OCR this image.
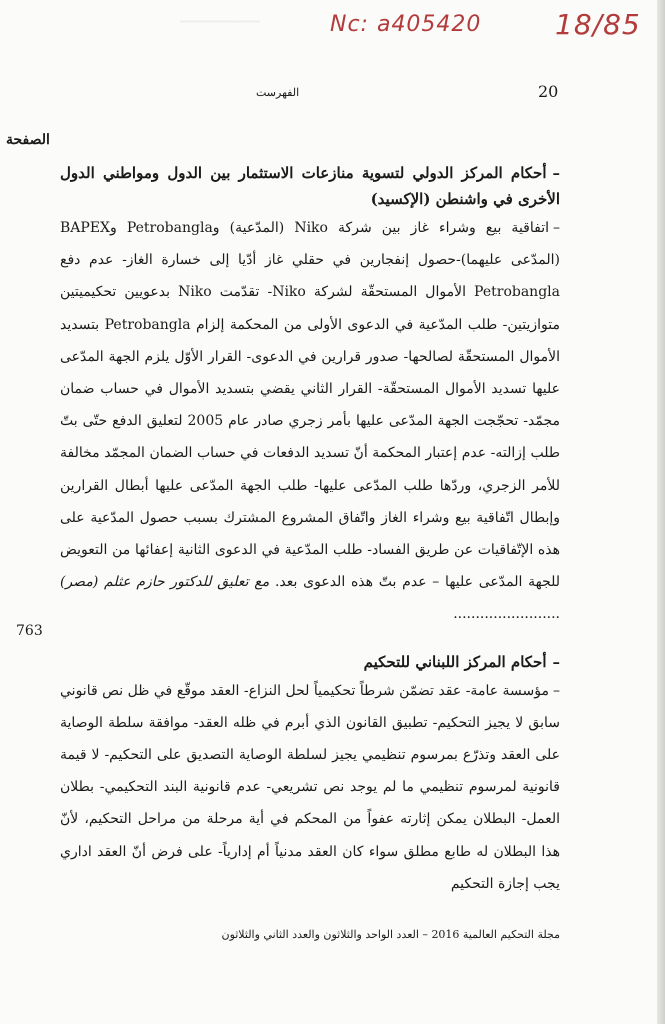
──────	Nc: a405420	18/85
20
الفهرست
الصفحة

–أحكام المركز الدولي لتسوية منازعات الاستثمار بين الدول ومواطني الدول الأخرى في واشنطن (الإكسيد)

–اتفاقية بيع وشراء غاز بين شركة Niko (المدّعية) وPetrobangla وBAPEX (المدّعى عليهما)-حصول إنفجارين في حقلي غاز أدّيا إلى خسارة الغاز- عدم دفع Petrobangla الأموال المستحقّة لشركة Niko- تقدّمت Niko بدعويين تحكيميتين متوازيتين- طلب المدّعية في الدعوى الأولى من المحكمة إلزام Petrobangla بتسديد الأموال المستحقّة لصالحها- صدور قرارين في الدعوى- القرار الأوّل يلزم الجهة المدّعى عليها تسديد الأموال المستحقّة- القرار الثاني يقضي بتسديد الأموال في حساب ضمان مجمّد- تحجّجت الجهة المدّعى عليها بأمر زجري صادر عام 2005 لتعليق الدفع حتّى بتّ طلب إزالته- عدم إعتبار المحكمة أنّ تسديد الدفعات في حساب الضمان المجمّد مخالفة للأمر الزجري، وردّها طلب المدّعى عليها- طلب الجهة المدّعى عليها أبطال القرارين وإبطال اتّفاقية بيع وشراء الغاز واتّفاق المشروع المشترك بسبب حصول المدّعية على هذه الإتّفاقيات عن طريق الفساد- طلب المدّعية في الدعوى الثانية إعفائها من التعويض للجهة المدّعى عليها – عدم بتّ هذه الدعوى بعد. مع تعليق للدكتور حازم عثلم (مصر) ........................

–أحكام المركز اللبناني للتحكيم

–مؤسسة عامة- عقد تضمّن شرطاً تحكيمياً لحل النزاع- العقد موقّع في ظل نص قانوني سابق لا يجيز التحكيم- تطبيق القانون الذي أبرم في ظله العقد- موافقة سلطة الوصاية على العقد وتذرّع بمرسوم تنظيمي يجيز لسلطة الوصاية التصديق على التحكيم- لا قيمة قانونية لمرسوم تنظيمي ما لم يوجد نص تشريعي- عدم قانونية البند التحكيمي- بطلان العمل- البطلان يمكن إثارته عفواً من المحكم في أية مرحلة من مراحل التحكيم، لأنّ هذا البطلان له طابع مطلق سواء كان العقد مدنياً أم إدارياً- على فرض أنّ العقد اداري يجب إجازة التحكيم

763
مجلة التحكيم العالمية 2016 – العدد الواحد والثلاثون والعدد الثاني والثلاثون
